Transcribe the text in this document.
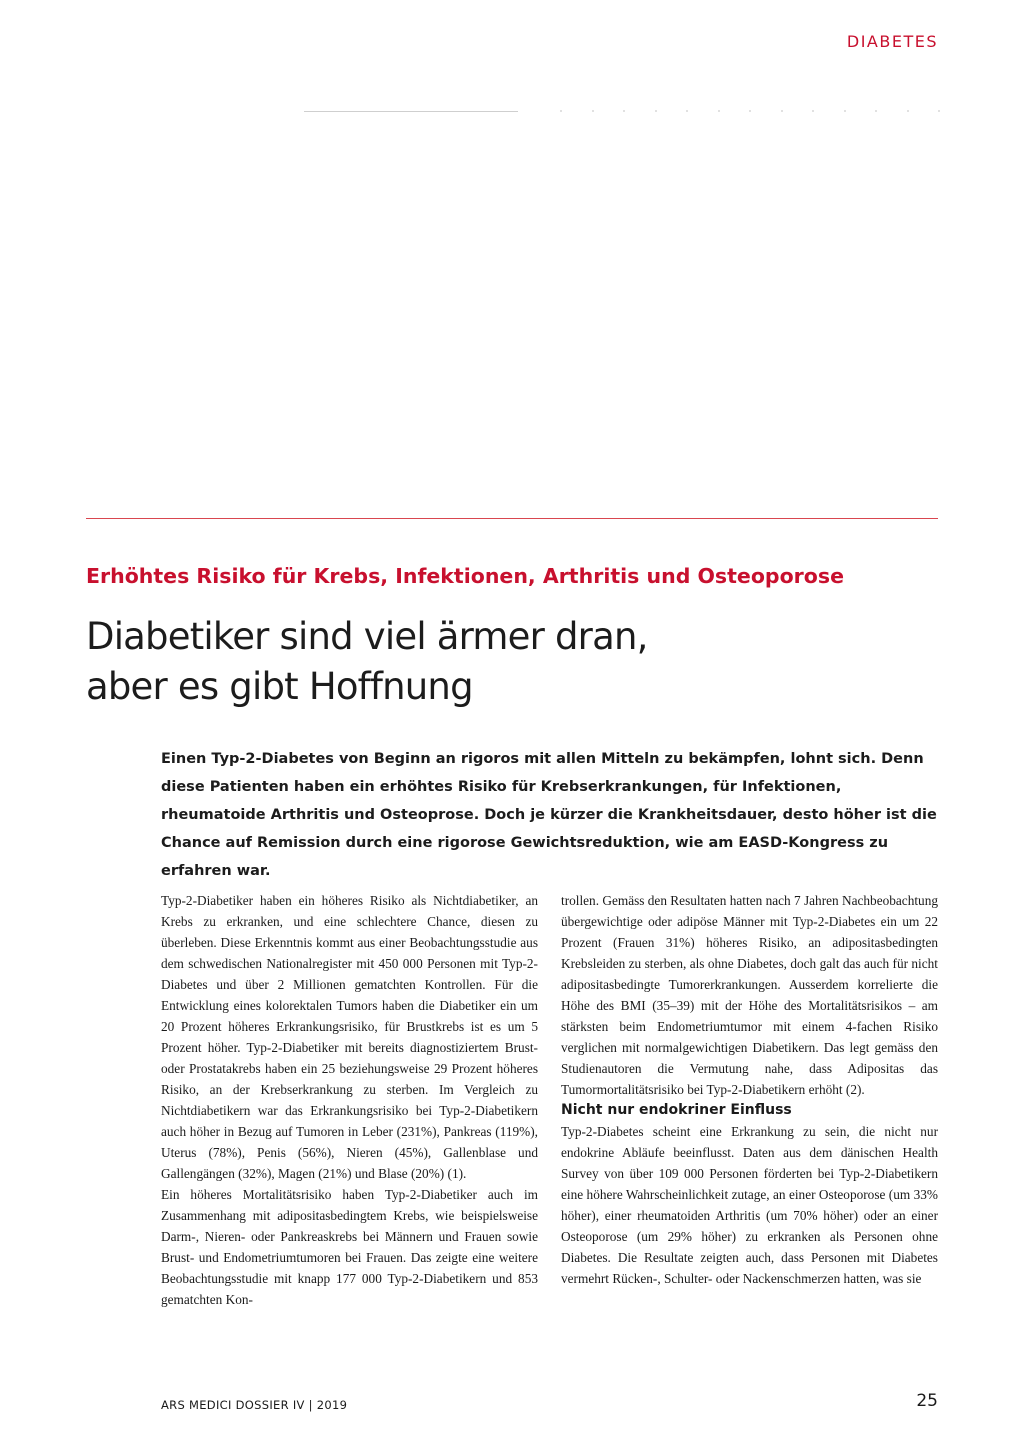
DIABETES
Erhöhtes Risiko für Krebs, Infektionen, Arthritis und Osteoporose
Diabetiker sind viel ärmer dran,
aber es gibt Hoffnung

Einen Typ-2-Diabetes von Beginn an rigoros mit allen Mitteln zu bekämpfen, lohnt sich. Denn diese Patienten haben ein erhöhtes Risiko für Krebserkrankungen, für Infektionen, rheumatoide Arthritis und Osteoprose. Doch je kürzer die Krankheitsdauer, desto höher ist die Chance auf Remission durch eine rigorose Gewichtsreduktion, wie am EASD-Kongress zu erfahren war.

Typ-2-Diabetiker haben ein höheres Risiko als Nichtdiabetiker, an Krebs zu erkranken, und eine schlechtere Chance, diesen zu überleben. Diese Erkenntnis kommt aus einer Beobachtungsstudie aus dem schwedischen Nationalregister mit 450 000 Personen mit Typ-2-Diabetes und über 2 Millionen gematchten Kontrollen. Für die Entwicklung eines kolorektalen Tumors haben die Diabetiker ein um 20 Prozent höheres Erkrankungsrisiko, für Brustkrebs ist es um 5 Prozent höher. Typ-2-Diabetiker mit bereits diagnostiziertem Brust- oder Prostatakrebs haben ein 25 beziehungsweise 29 Prozent höheres Risiko, an der Krebserkrankung zu sterben. Im Vergleich zu Nichtdiabetikern war das Erkrankungsrisiko bei Typ-2-Diabetikern auch höher in Bezug auf Tumoren in Leber (231%), Pankreas (119%), Uterus (78%), Penis (56%), Nieren (45%), Gallenblase und Gallengängen (32%), Magen (21%) und Blase (20%) (1).

Ein höheres Mortalitätsrisiko haben Typ-2-Diabetiker auch im Zusammenhang mit adipositasbedingtem Krebs, wie beispielsweise Darm-, Nieren- oder Pankreaskrebs bei Männern und Frauen sowie Brust- und Endometriumtumoren bei Frauen. Das zeigte eine weitere Beobachtungsstudie mit knapp 177 000 Typ-2-Diabetikern und 853 gematchten Kon-

trollen. Gemäss den Resultaten hatten nach 7 Jahren Nachbeobachtung übergewichtige oder adipöse Männer mit Typ-2-Diabetes ein um 22 Prozent (Frauen 31%) höheres Risiko, an adipositasbedingten Krebsleiden zu sterben, als ohne Diabetes, doch galt das auch für nicht adipositasbedingte Tumorerkrankungen. Ausserdem korrelierte die Höhe des BMI (35–39) mit der Höhe des Mortalitätsrisikos – am stärksten beim Endometriumtumor mit einem 4-fachen Risiko verglichen mit normalgewichtigen Diabetikern. Das legt gemäss den Studienautoren die Vermutung nahe, dass Adipositas das Tumormortalitätsrisiko bei Typ-2-Diabetikern erhöht (2).

Nicht nur endokriner Einfluss

Typ-2-Diabetes scheint eine Erkrankung zu sein, die nicht nur endokrine Abläufe beeinflusst. Daten aus dem dänischen Health Survey von über 109 000 Personen förderten bei Typ-2-Diabetikern eine höhere Wahrscheinlichkeit zutage, an einer Osteoporose (um 33% höher), einer rheumatoiden Arthritis (um 70% höher) oder an einer Osteoporose (um 29% höher) zu erkranken als Personen ohne Diabetes. Die Resultate zeigten auch, dass Personen mit Diabetes vermehrt Rücken-, Schulter- oder Nackenschmerzen hatten, was sie

ARS MEDICI DOSSIER IV | 2019	25
